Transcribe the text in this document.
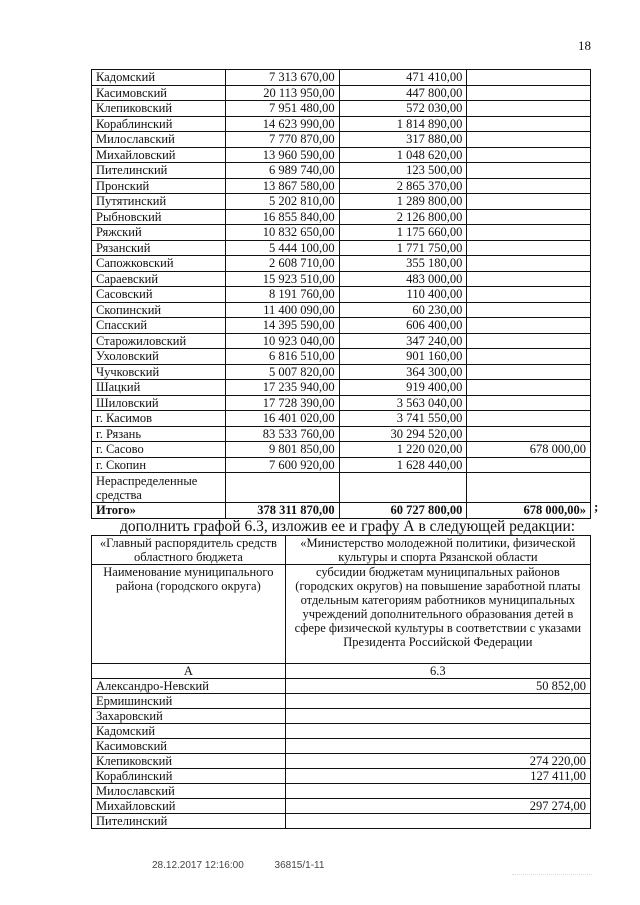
18
Кадомский	7 313 670,00	471 410,00	
Касимовский	20 113 950,00	447 800,00	
Клепиковский	7 951 480,00	572 030,00	
Кораблинский	14 623 990,00	1 814 890,00	
Милославский	7 770 870,00	317 880,00	
Михайловский	13 960 590,00	1 048 620,00	
Пителинский	6 989 740,00	123 500,00	
Пронский	13 867 580,00	2 865 370,00	
Путятинский	5 202 810,00	1 289 800,00	
Рыбновский	16 855 840,00	2 126 800,00	
Ряжский	10 832 650,00	1 175 660,00	
Рязанский	5 444 100,00	1 771 750,00	
Сапожковский	2 608 710,00	355 180,00	
Сараевский	15 923 510,00	483 000,00	
Сасовский	8 191 760,00	110 400,00	
Скопинский	11 400 090,00	60 230,00	
Спасский	14 395 590,00	606 400,00	
Старожиловский	10 923 040,00	347 240,00	
Ухоловский	6 816 510,00	901 160,00	
Чучковский	5 007 820,00	364 300,00	
Шацкий	17 235 940,00	919 400,00	
Шиловский	17 728 390,00	3 563 040,00	
г. Касимов	16 401 020,00	3 741 550,00	
г. Рязань	83 533 760,00	30 294 520,00	
г. Сасово	9 801 850,00	1 220 020,00	678 000,00
г. Скопин	7 600 920,00	1 628 440,00	
Нераспределенные средства			
Итого»	378 311 870,00	60 727 800,00	678 000,00» ;
дополнить графой 6.3, изложив ее и графу А в следующей редакции:
«Главный распорядитель средств областного бюджета	«Министерство молодежной политики, физической культуры и спорта Рязанской области
Наименование муниципального района (городского округа)	субсидии бюджетам муниципальных районов (городских округов) на повышение заработной платы отдельным категориям работников муниципальных учреждений дополнительного образования детей в сфере физической культуры в соответствии с указами Президента Российской Федерации
А	6.3
Александро-Невский	50 852,00
Ермишинский	
Захаровский	
Кадомский	
Касимовский	
Клепиковский	274 220,00
Кораблинский	127 411,00
Милославский	
Михайловский	297 274,00
Пителинский	
28.12.2017 12:16:00	36815/1-11
